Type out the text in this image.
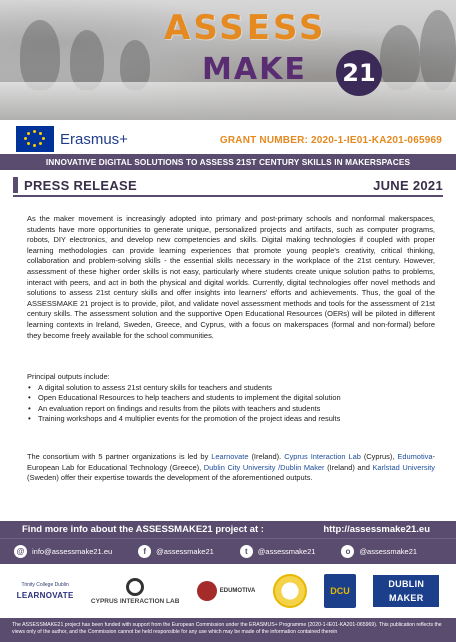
ASSESS
MAKE 21
Erasmus+	GRANT NUMBER: 2020-1-IE01-KA201-065969
INNOVATIVE DIGITAL SOLUTIONS TO ASSESS 21ST CENTURY SKILLS IN MAKERSPACES
PRESS RELEASE	JUNE 2021

As the maker movement is increasingly adopted into primary and post-primary schools and nonformal makerspaces, students have more opportunities to generate unique, personalized projects and artifacts, such as computer programs, robots, DIY electronics, and develop new competencies and skills. Digital making technologies if coupled with proper learning methodologies can provide learning experiences that promote young people's creativity, critical thinking, collaboration and problem-solving skills - the essential skills necessary in the workplace of the 21st century. However, assessment of these higher order skills is not easy, particularly where students create unique solution paths to problems, interact with peers, and act in both the physical and digital worlds. Currently, digital technologies offer novel methods and solutions to assess 21st century skills and offer insights into learners' efforts and achievements. Thus, the goal of the ASSESSMAKE 21 project is to provide, pilot, and validate novel assessment methods and tools for the assessment of 21st century skills. The assessment solution and the supportive Open Educational Resources (OERs) will be piloted in different learning contexts in Ireland, Sweden, Greece, and Cyprus, with a focus on makerspaces (formal and non-formal) before they become freely available for the school communities.

Principal outputs include:
• A digital solution to assess 21st century skills for teachers and students
• Open Educational Resources to help teachers and students to implement the digital solution
• An evaluation report on findings and results from the pilots with teachers and students
• Training workshops and 4 multiplier events for the promotion of the project ideas and results

The consortium with 5 partner organizations is led by Learnovate (Ireland). Cyprus Interaction Lab (Cyprus), Edumotiva-European Lab for Educational Technology (Greece), Dublin City University /Dublin Maker (Ireland) and Karlstad University (Sweden) offer their expertise towards the development of the aforementioned outputs.

Find more info about the ASSESSMAKE21 project at :	http://assessmake21.eu
@	info@assessmake21.eu	f	@assessmake21	t	@assessmake21	o	@assessmake21
Trinity College Dublin
LEARNOVATE
CYPRUS INTERACTION LAB
EDUMOTIVA	DCU
DUBLIN MAKER
The ASSESSMAKE21 project has been funded with support from the European Commission under the ERASMUS+ Programme (2020-1-IE01-KA201-065969). This publication reflects the views only of the author, and the Commission cannot be held responsible for any use which may be made of the information contained therein
